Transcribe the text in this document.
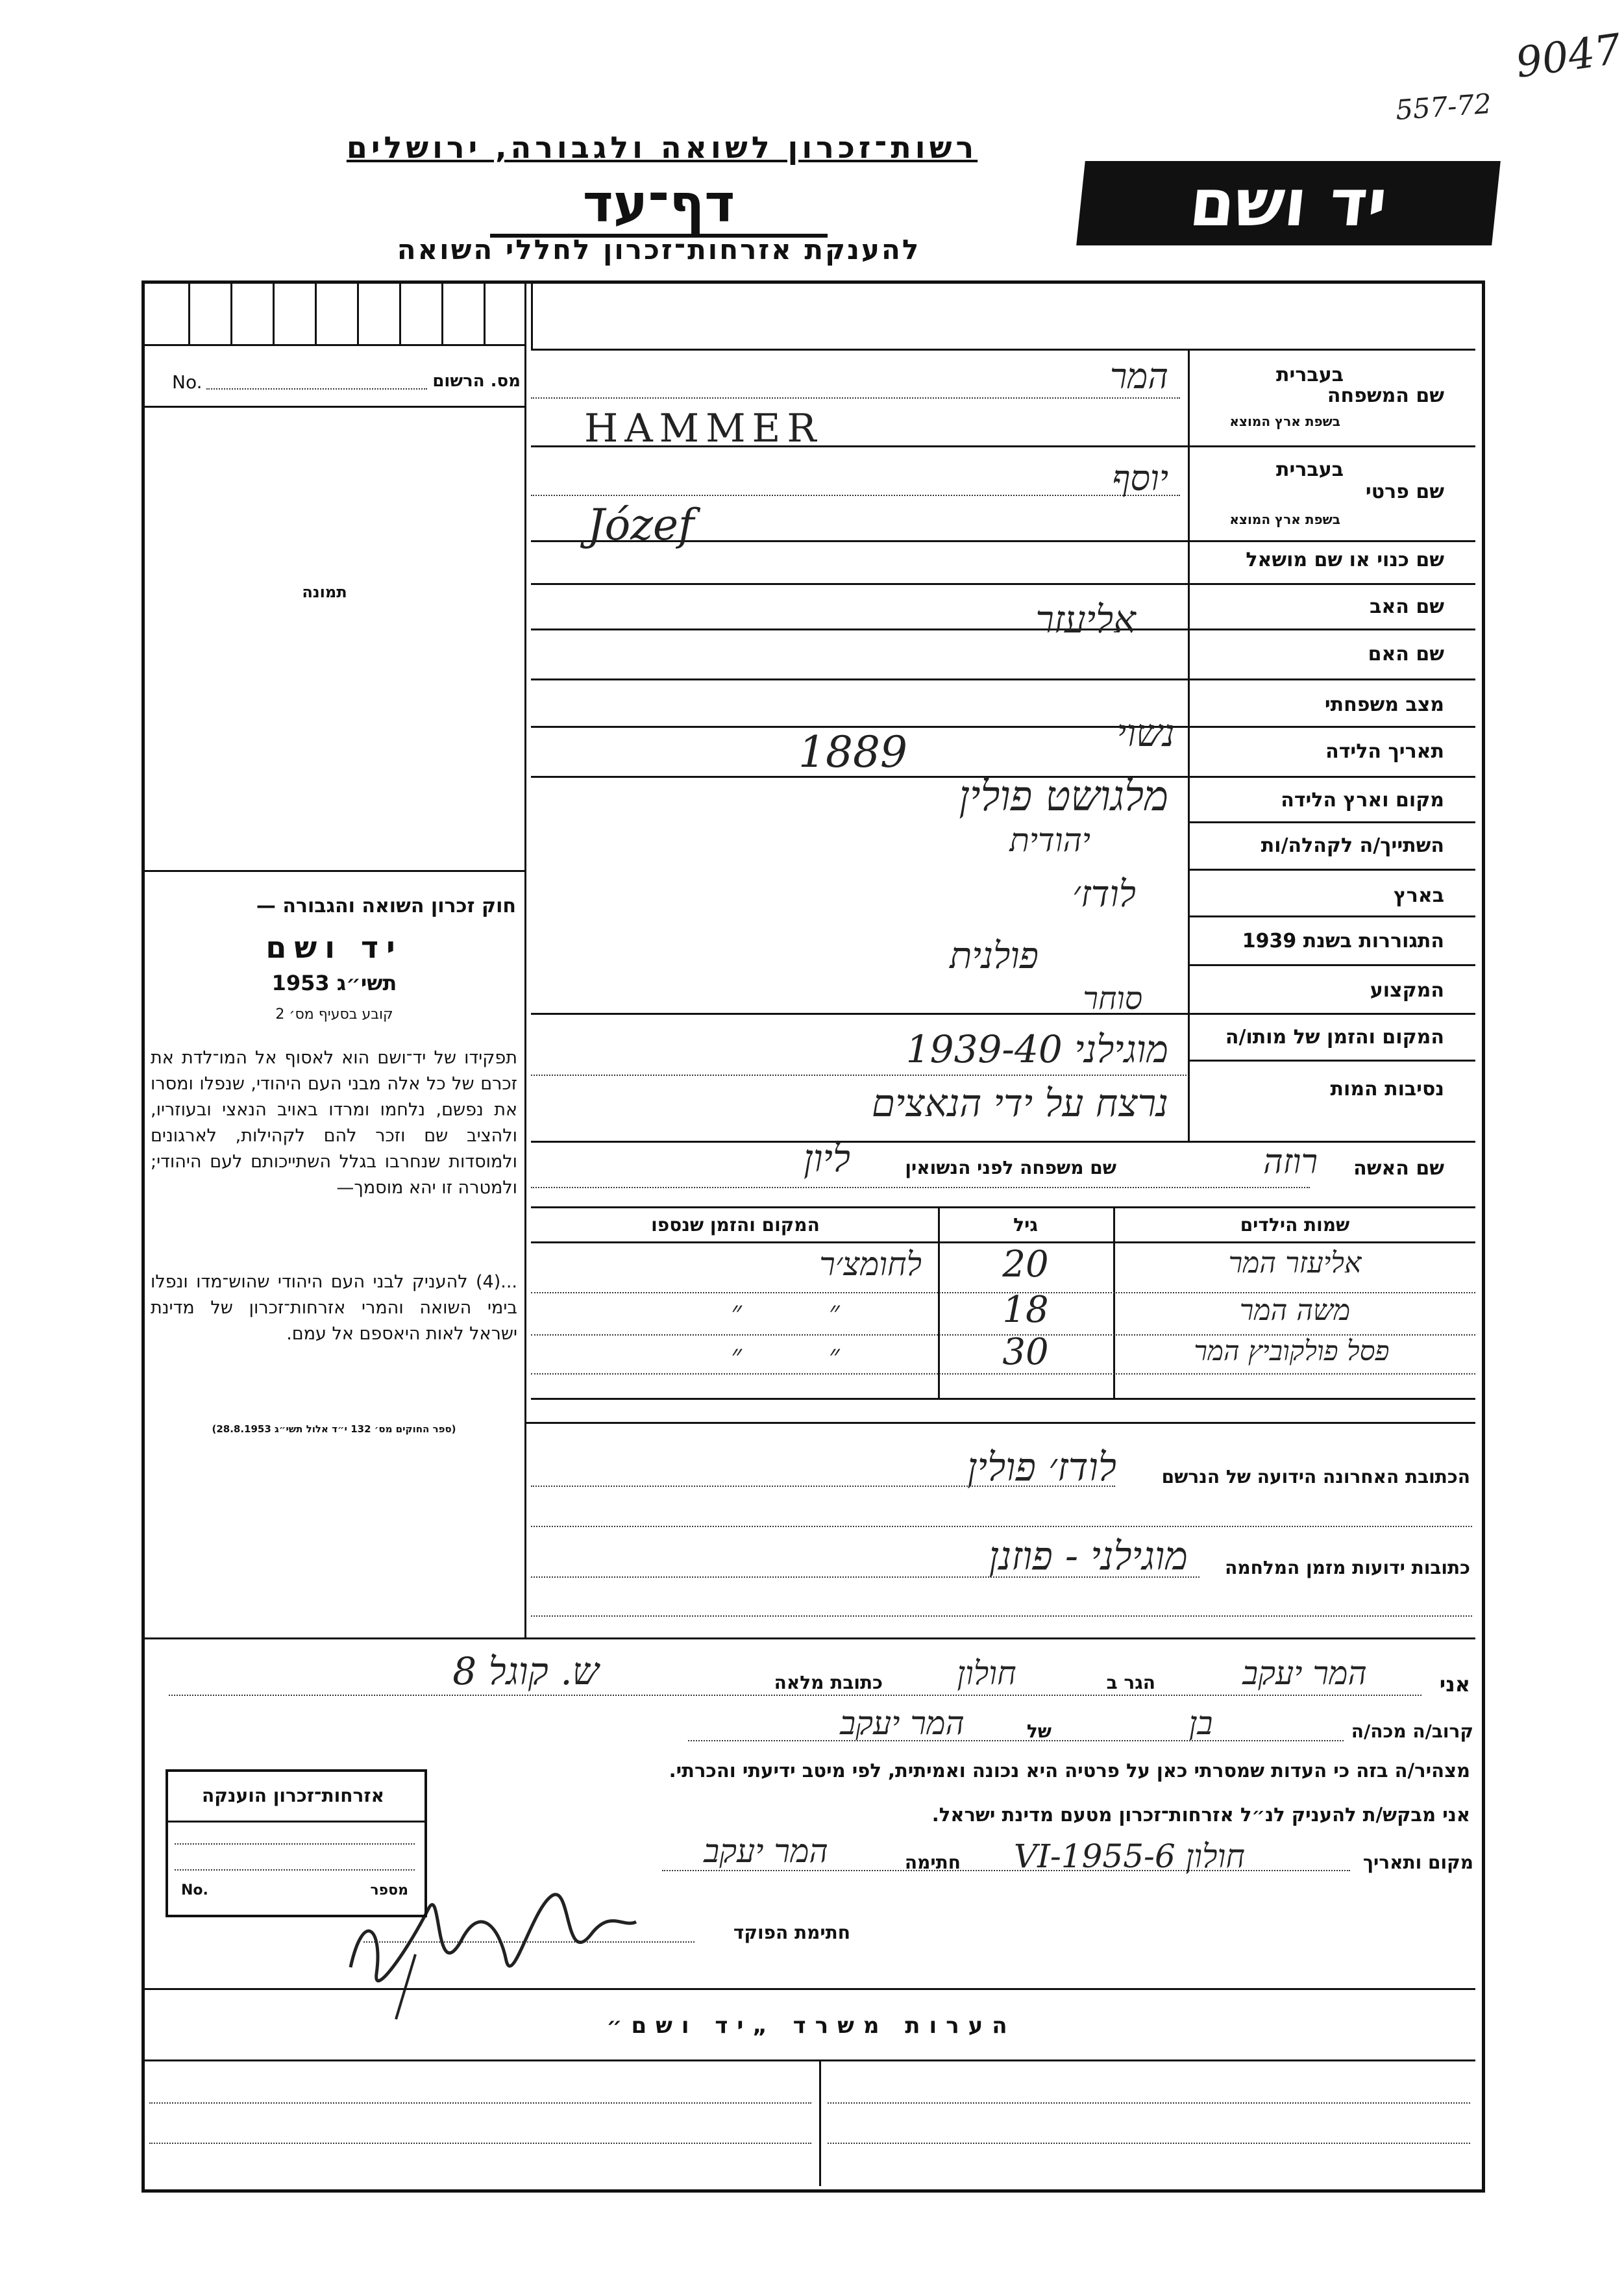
9047
557-72
רשות־זכרון לשואה ולגבורה, ירושלים
דף־עד
להענקת אזרחות־זכרון לחללי השואה
יד ושם
No.	מס. הרשום
תמונה
חוק זכרון השואה והגבורה —
יד ושם
תשי״ג 1953
קובע בסעיף מס׳ 2
תפקידו של יד־ושם הוא לאסוף אל המו־לדת את זכרם של כל אלה מבני העם היהודי, שנפלו ומסרו את נפשם, נלחמו ומרדו באויב הנאצי ובעוזריו, ולהציב שם וזכר להם לקהילות, לארגונים ולמוסדות שנחרבו בגלל השתייכותם לעם היהודי; ולמטרה זו יהא מוסמך—
...(4) להעניק לבני העם היהודי שהוש־מדו ונפלו בימי השואה והמרי אזרחות־זכרון של מדינת ישראל לאות היאספם אל עמם.
(ספר החוקים מס׳ 132 י״ד אלול תשי״ג 28.8.1953)
שם המשפחה
בעברית
בשפת ארץ המוצא
שם פרטי
בעברית
בשפת ארץ המוצא
שם כנוי או שם מושאל
שם האב
שם האם
מצב משפחתי
תאריך הלידה
מקום וארץ הלידה
השתייך/ה לקהלה/ות
בארץ
התגוררות בשנת 1939
המקצוע
המקום והזמן של מותו/ה
נסיבות המות
המר
HAMMER
יוסף
Józef
אליעזר
נשוי
1889
מלגושט פולין
יהודית
לודז׳
פולנית
סוחר
מוגילני 1939-40
נרצח על ידי הנאצים
שם האשה
רוזה
שם משפחה לפני הנשואין
ליון
שמות הילדים
גיל
המקום והזמן שנספו
אליעזר המר
20
לחומצ׳ר
משה המר
18
״ ״
פסל פולקוביץ המר
30
״ ״
הכתובת האחרונה הידועה של הנרשם
לודז׳ פולין
כתובות ידועות מזמן המלחמה
מוגילני - פוזנן
אני
המר יעקב
הגר ב
חולון
כתובת מלאה
ש. קוגל 8
קרוב/ה מכה/ה
בן
של
המר יעקב
מצהיר/ה בזה כי העדות שמסרתי כאן על פרטיה היא נכונה ואמיתית, לפי מיטב ידיעתי והכרתי.
אני מבקש/ת להעניק לנ״ל אזרחות־זכרון מטעם מדינת ישראל.
מקום ותאריך
חולון 6-VI-1955
חתימה
המר יעקב
חתימת הפוקד
אזרחות־זכרון הוענקה
No.	מספר
הערות משרד „יד ושם״
